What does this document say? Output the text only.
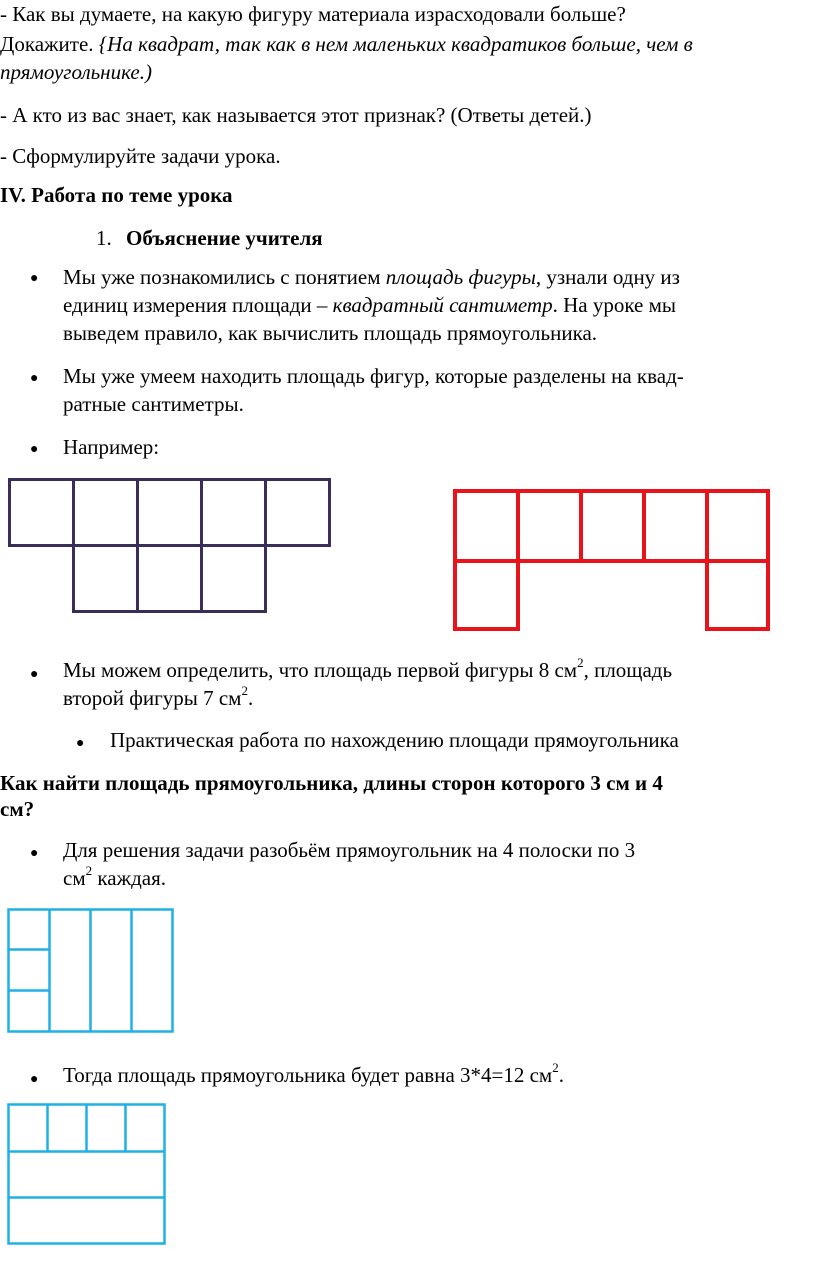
- Как вы думаете, на какую фигуру материала израсходовали больше?
Докажите. {На квадрат, так как в нем маленьких квадратиков больше, чем в
прямоугольнике.)
- А кто из вас знает, как называется этот признак? (Ответы детей.)
- Сформулируйте задачи урока.
IV. Работа по теме урока
1. Объяснение учителя
● Мы уже познакомились с понятием площадь фигуры, узнали одну из
единиц измерения площади – квадратный сантиметр. На уроке мы
выведем правило, как вычислить площадь прямоугольника.
● Мы уже умеем находить площадь фигур, которые разделены на квад-
ратные сантиметры.
● Например:
● Мы можем определить, что площадь первой фигуры 8 $см^2$, площадь
второй фигуры 7 $см^2$.
● Практическая работа по нахождению площади прямоугольника
Как найти площадь прямоугольника, длины сторон которого 3 см и 4
см?
● Для решения задачи разобьём прямоугольник на 4 полоски по 3
$см^2$ каждая.
● Тогда площадь прямоугольника будет равна 3*4=12 $см^2$.
